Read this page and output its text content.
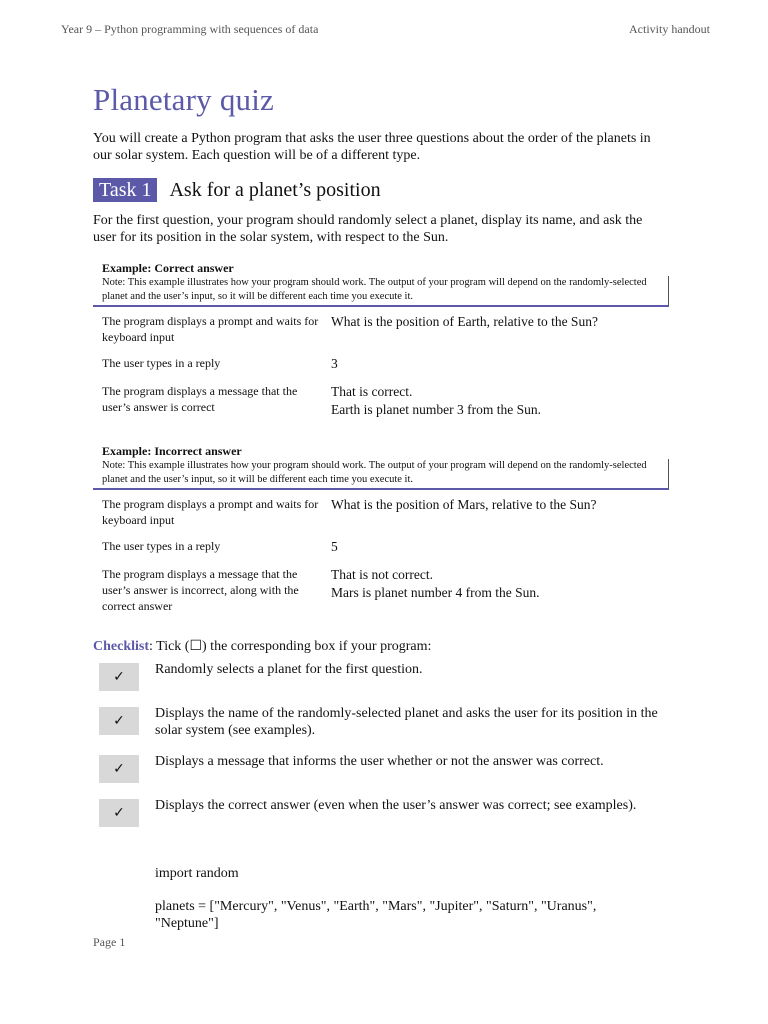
Year 9 – Python programming with sequences of data	Activity handout
Planetary quiz

You will create a Python program that asks the user three questions about the order of the planets in our solar system. Each question will be of a different type.

Task 1 Ask for a planet’s position

For the first question, your program should randomly select a planet, display its name, and ask the user for its position in the solar system, with respect to the Sun.

Example: Correct answer
Note: This example illustrates how your program should work. The output of your program will depend on the randomly-selected planet and the user’s input, so it will be different each time you execute it.
The program displays a prompt and waits for keyboard input	What is the position of Earth, relative to the Sun?
The user types in a reply	3
The program displays a message that the user’s answer is correct	That is correct.
Earth is planet number 3 from the Sun.
Example: Incorrect answer
Note: This example illustrates how your program should work. The output of your program will depend on the randomly-selected planet and the user’s input, so it will be different each time you execute it.
The program displays a prompt and waits for keyboard input	What is the position of Mars, relative to the Sun?
The user types in a reply	5
The program displays a message that the user’s answer is incorrect, along with the correct answer	That is not correct.
Mars is planet number 4 from the Sun.
Checklist: Tick (☐) the corresponding box if your program:
✓ Randomly selects a planet for the first question.
✓ Displays the name of the randomly-selected planet and asks the user for its position in the solar system (see examples).
✓ Displays a message that informs the user whether or not the answer was correct.
✓ Displays the correct answer (even when the user’s answer was correct; see examples).

import random

planets = ["Mercury", "Venus", "Earth", "Mars", "Jupiter", "Saturn", "Uranus", "Neptune"]

Page 1
